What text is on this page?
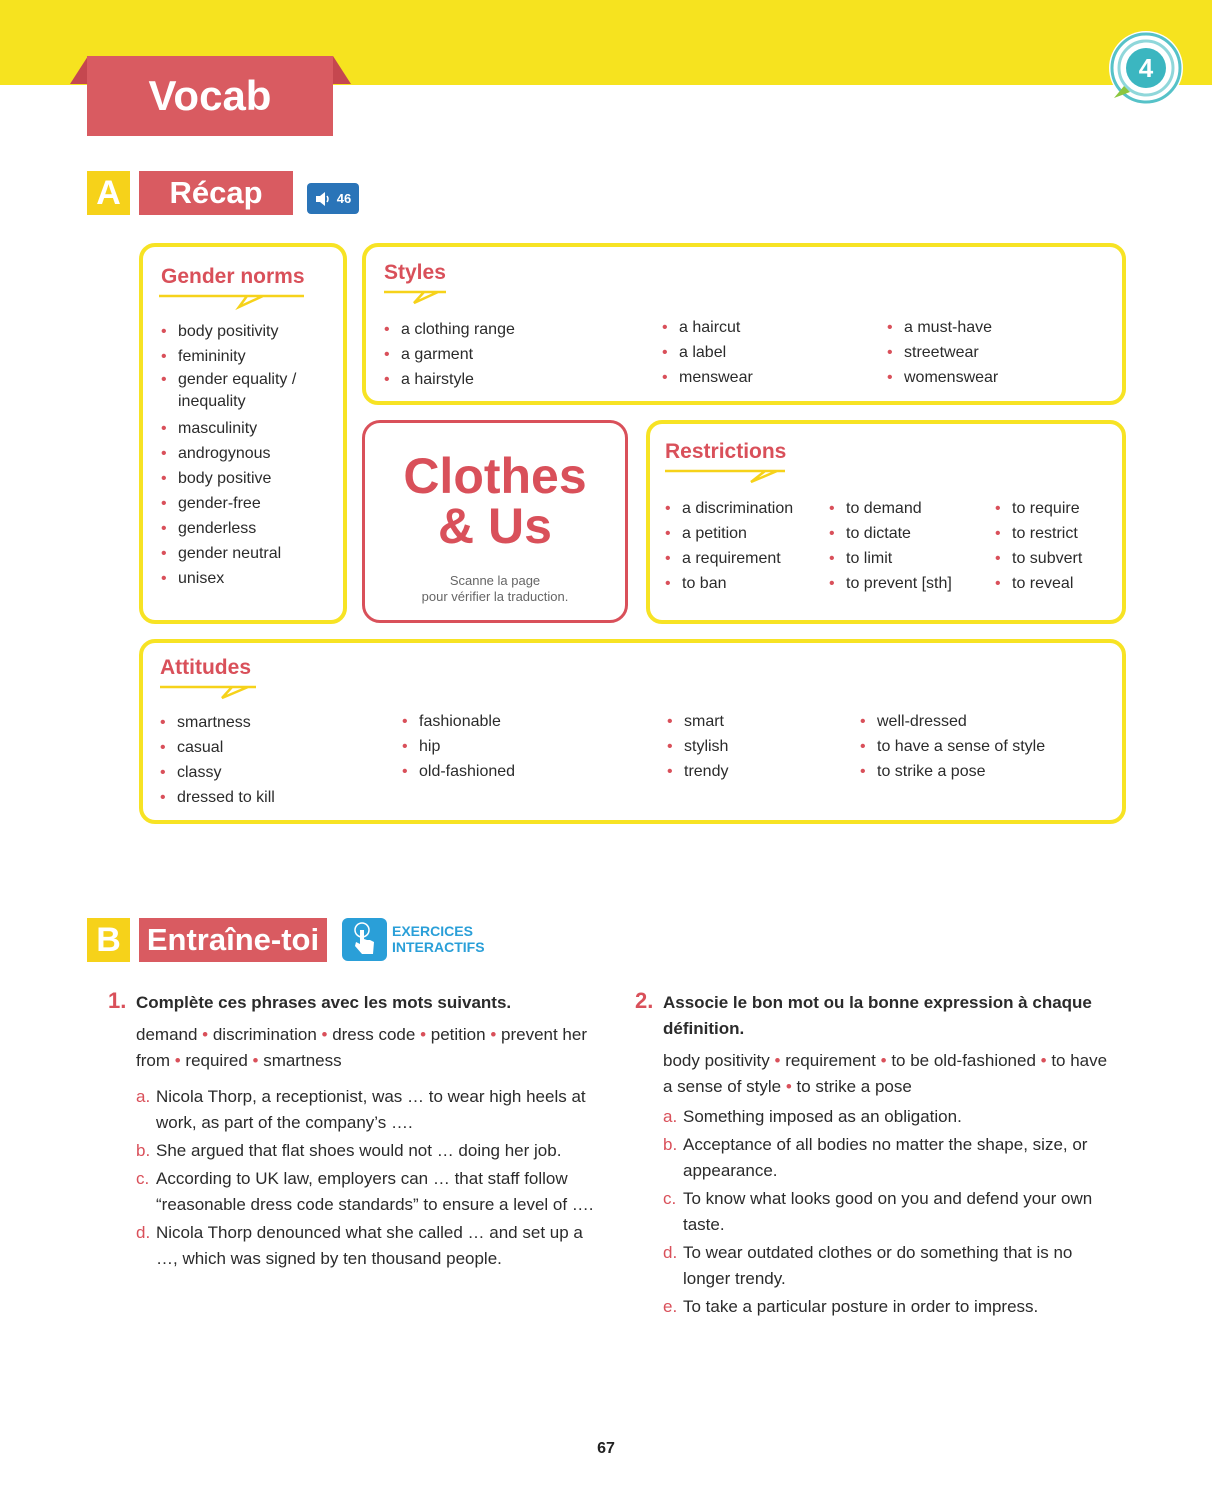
Vocab
4
A	Récap	46
Gender norms
• body positivity
• femininity
• gender equality / inequality
• masculinity
• androgynous
• body positive
• gender-free
• genderless
• gender neutral
• unisex
Styles
• a clothing range
• a garment
• a hairstyle
• a haircut
• a label
• menswear
• a must-have
• streetwear
• womenswear
Clothes
& Us
Scanne la page
pour vérifier la traduction.
Restrictions
• a discrimination
• a petition
• a requirement
• to ban
• to demand
• to dictate
• to limit
• to prevent [sth]
• to require
• to restrict
• to subvert
• to reveal
Attitudes
• smartness
• casual
• classy
• dressed to kill
• fashionable
• hip
• old-fashioned
• smart
• stylish
• trendy
• well-dressed
• to have a sense of style
• to strike a pose
B Entraîne-toi	EXERCICES
INTERACTIFS
1. Complète ces phrases avec les mots suivants.
demand • discrimination • dress code • petition • prevent her from • required • smartness
a. Nicola Thorp, a receptionist, was … to wear high heels at work, as part of the company’s ….
b. She argued that flat shoes would not … doing her job.
c. According to UK law, employers can … that staff follow “reasonable dress code standards” to ensure a level of ….
d. Nicola Thorp denounced what she called … and set up a …, which was signed by ten thousand people.
2. Associe le bon mot ou la bonne expression à chaque définition.
body positivity • requirement • to be old-fashioned • to have a sense of style • to strike a pose
a. Something imposed as an obligation.
b. Acceptance of all bodies no matter the shape, size, or appearance.
c. To know what looks good on you and defend your own taste.
d. To wear outdated clothes or do something that is no longer trendy.
e. To take a particular posture in order to impress.
67
